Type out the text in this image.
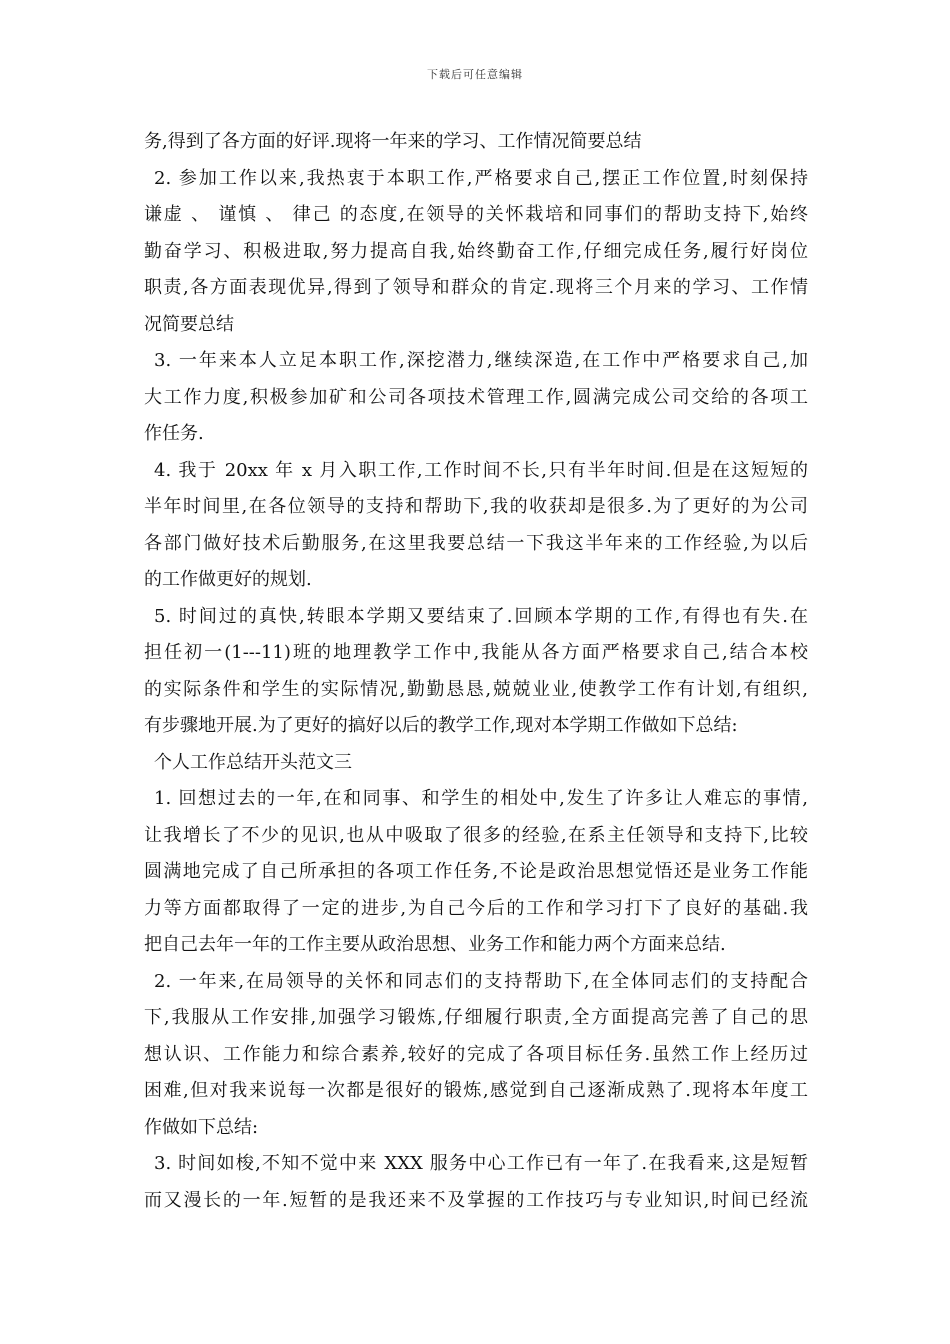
下载后可任意编辑
务,得到了各方面的好评.现将一年来的学习、工作情况简要总结
2. 参加工作以来,我热衷于本职工作,严格要求自己,摆正工作位置,时刻保持
谦虚 、 谨慎 、 律己 的态度,在领导的关怀栽培和同事们的帮助支持下,始终
勤奋学习、积极进取,努力提高自我,始终勤奋工作,仔细完成任务,履行好岗位
职责,各方面表现优异,得到了领导和群众的肯定.现将三个月来的学习、工作情
况简要总结
3. 一年来本人立足本职工作,深挖潜力,继续深造,在工作中严格要求自己,加
大工作力度,积极参加矿和公司各项技术管理工作,圆满完成公司交给的各项工
作任务.
4. 我于 20xx 年 x 月入职工作,工作时间不长,只有半年时间.但是在这短短的
半年时间里,在各位领导的支持和帮助下,我的收获却是很多.为了更好的为公司
各部门做好技术后勤服务,在这里我要总结一下我这半年来的工作经验,为以后
的工作做更好的规划.
5. 时间过的真快,转眼本学期又要结束了.回顾本学期的工作,有得也有失.在
担任初一(1---11)班的地理教学工作中,我能从各方面严格要求自己,结合本校
的实际条件和学生的实际情况,勤勤恳恳,兢兢业业,使教学工作有计划,有组织,
有步骤地开展.为了更好的搞好以后的教学工作,现对本学期工作做如下总结:
个人工作总结开头范文三
1. 回想过去的一年,在和同事、和学生的相处中,发生了许多让人难忘的事情,
让我增长了不少的见识,也从中吸取了很多的经验,在系主任领导和支持下,比较
圆满地完成了自己所承担的各项工作任务,不论是政治思想觉悟还是业务工作能
力等方面都取得了一定的进步,为自己今后的工作和学习打下了良好的基础.我
把自己去年一年的工作主要从政治思想、业务工作和能力两个方面来总结.
2. 一年来,在局领导的关怀和同志们的支持帮助下,在全体同志们的支持配合
下,我服从工作安排,加强学习锻炼,仔细履行职责,全方面提高完善了自己的思
想认识、工作能力和综合素养,较好的完成了各项目标任务.虽然工作上经历过
困难,但对我来说每一次都是很好的锻炼,感觉到自己逐渐成熟了.现将本年度工
作做如下总结:
3. 时间如梭,不知不觉中来 XXX 服务中心工作已有一年了.在我看来,这是短暂
而又漫长的一年.短暂的是我还来不及掌握的工作技巧与专业知识,时间已经流
